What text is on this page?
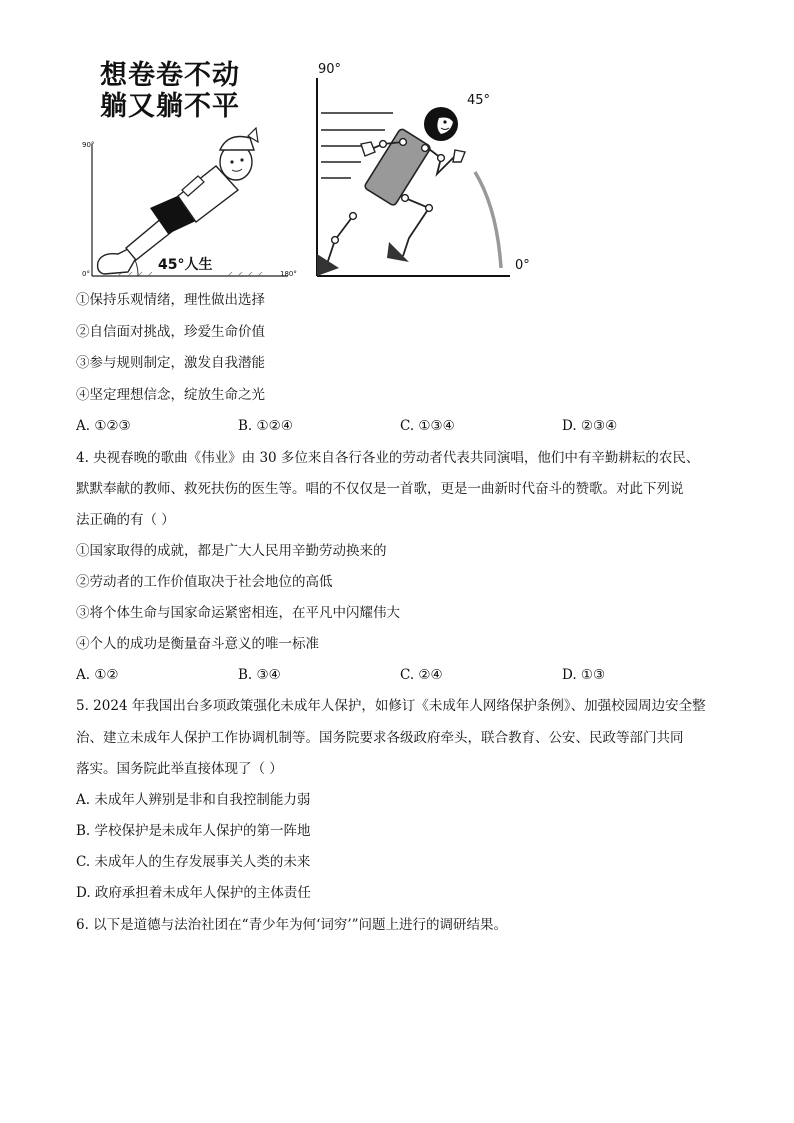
想卷卷不动
躺又躺不平
90°
0°	180°
45°人生
90°
45°
0°
①保持乐观情绪，理性做出选择
②自信面对挑战，珍爱生命价值
③参与规则制定，激发自我潜能
④坚定理想信念，绽放生命之光
A. ①②③	B. ①②④	C. ①③④	D. ②③④
4. 央视春晚的歌曲《伟业》由 30 多位来自各行各业的劳动者代表共同演唱，他们中有辛勤耕耘的农民、
默默奉献的教师、救死扶伤的医生等。唱的不仅仅是一首歌，更是一曲新时代奋斗的赞歌。对此下列说
法正确的有（ ）
①国家取得的成就，都是广大人民用辛勤劳动换来的
②劳动者的工作价值取决于社会地位的高低
③将个体生命与国家命运紧密相连，在平凡中闪耀伟大
④个人的成功是衡量奋斗意义的唯一标准
A. ①②	B. ③④	C. ②④	D. ①③
5. 2024 年我国出台多项政策强化未成年人保护，如修订《未成年人网络保护条例》、加强校园周边安全整
治、建立未成年人保护工作协调机制等。国务院要求各级政府牵头，联合教育、公安、民政等部门共同
落实。国务院此举直接体现了（ ）
A. 未成年人辨别是非和自我控制能力弱
B. 学校保护是未成年人保护的第一阵地
C. 未成年人的生存发展事关人类的未来
D. 政府承担着未成年人保护的主体责任
6. 以下是道德与法治社团在“青少年为何‘词穷’”问题上进行的调研结果。
